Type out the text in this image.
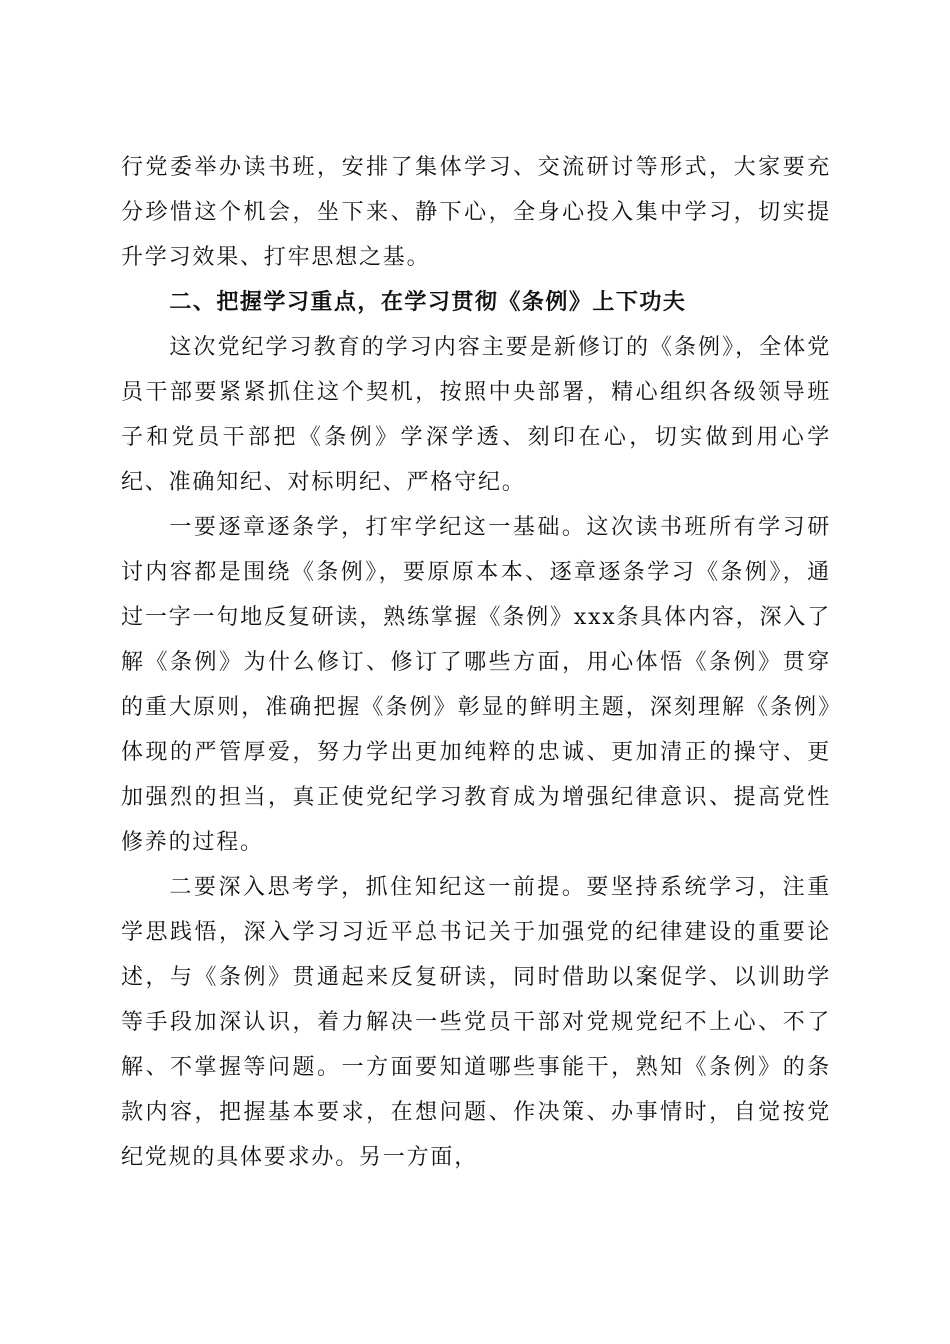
行党委举办读书班，安排了集体学习、交流研讨等形式，大家要充分珍惜这个机会，坐下来、静下心，全身心投入集中学习，切实提升学习效果、打牢思想之基。

二、把握学习重点，在学习贯彻《条例》上下功夫

这次党纪学习教育的学习内容主要是新修订的《条例》，全体党员干部要紧紧抓住这个契机，按照中央部署，精心组织各级领导班子和党员干部把《条例》学深学透、刻印在心，切实做到用心学纪、准确知纪、对标明纪、严格守纪。

一要逐章逐条学，打牢学纪这一基础。这次读书班所有学习研讨内容都是围绕《条例》，要原原本本、逐章逐条学习《条例》，通过一字一句地反复研读，熟练掌握《条例》xxx条具体内容，深入了解《条例》为什么修订、修订了哪些方面，用心体悟《条例》贯穿的重大原则，准确把握《条例》彰显的鲜明主题，深刻理解《条例》体现的严管厚爱，努力学出更加纯粹的忠诚、更加清正的操守、更加强烈的担当，真正使党纪学习教育成为增强纪律意识、提高党性修养的过程。

二要深入思考学，抓住知纪这一前提。要坚持系统学习，注重学思践悟，深入学习习近平总书记关于加强党的纪律建设的重要论述，与《条例》贯通起来反复研读，同时借助以案促学、以训助学等手段加深认识，着力解决一些党员干部对党规党纪不上心、不了解、不掌握等问题。一方面要知道哪些事能干，熟知《条例》的条款内容，把握基本要求，在想问题、作决策、办事情时，自觉按党纪党规的具体要求办。另一方面，
